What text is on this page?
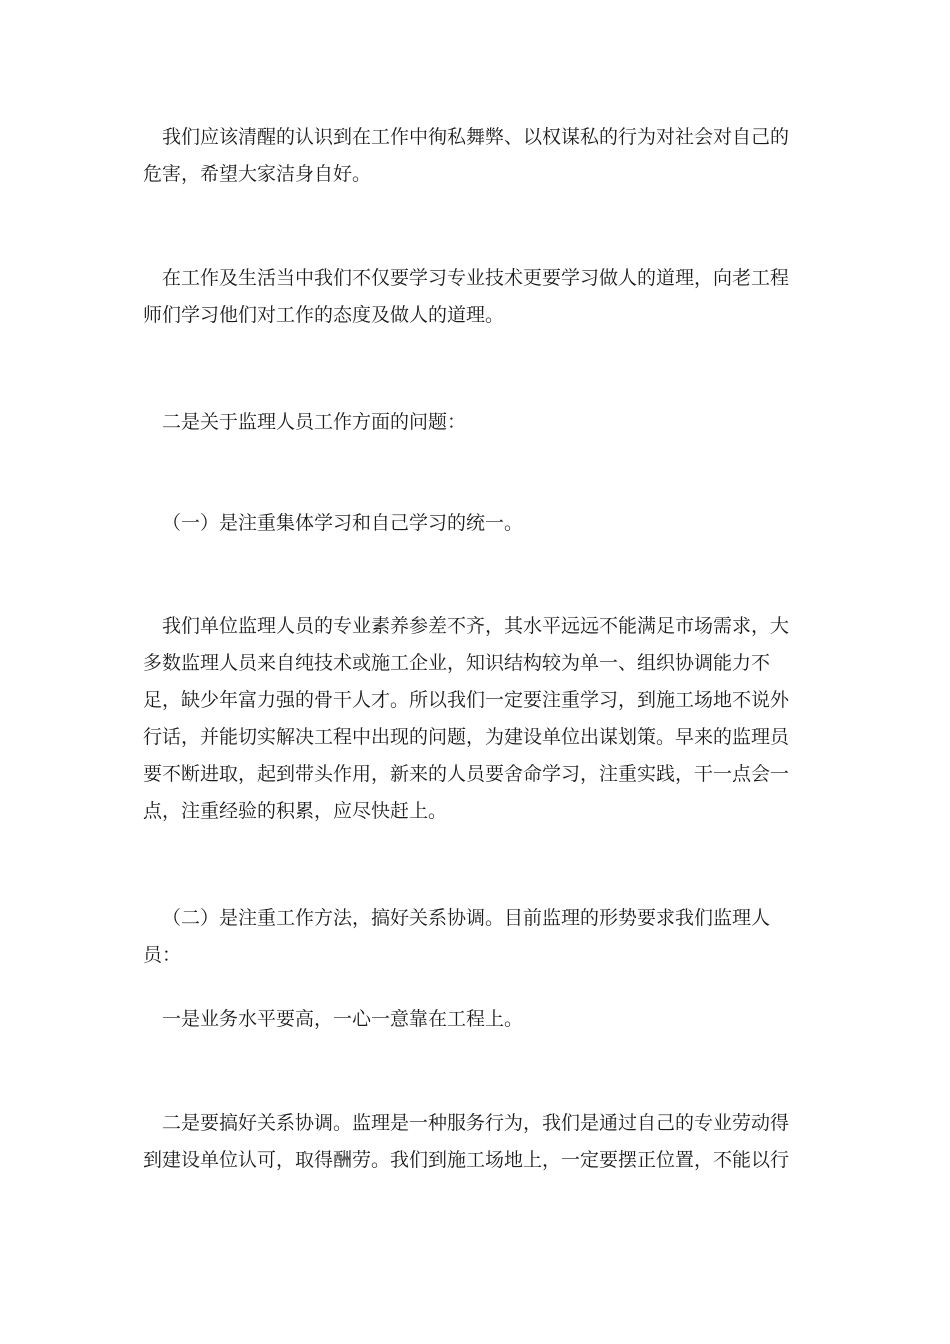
我们应该清醒的认识到在工作中徇私舞弊、以权谋私的行为对社会对自己的危害，希望大家洁身自好。

在工作及生活当中我们不仅要学习专业技术更要学习做人的道理，向老工程师们学习他们对工作的态度及做人的道理。

二是关于监理人员工作方面的问题：

（一）是注重集体学习和自己学习的统一。

我们单位监理人员的专业素养参差不齐，其水平远远不能满足市场需求，大多数监理人员来自纯技术或施工企业，知识结构较为单一、组织协调能力不足，缺少年富力强的骨干人才。所以我们一定要注重学习，到施工场地不说外行话，并能切实解决工程中出现的问题，为建设单位出谋划策。早来的监理员要不断进取，起到带头作用，新来的人员要舍命学习，注重实践，干一点会一点，注重经验的积累，应尽快赶上。

（二）是注重工作方法，搞好关系协调。目前监理的形势要求我们监理人员：

一是业务水平要高，一心一意靠在工程上。

二是要搞好关系协调。监理是一种服务行为，我们是通过自己的专业劳动得到建设单位认可，取得酬劳。我们到施工场地上，一定要摆正位置，不能以行
